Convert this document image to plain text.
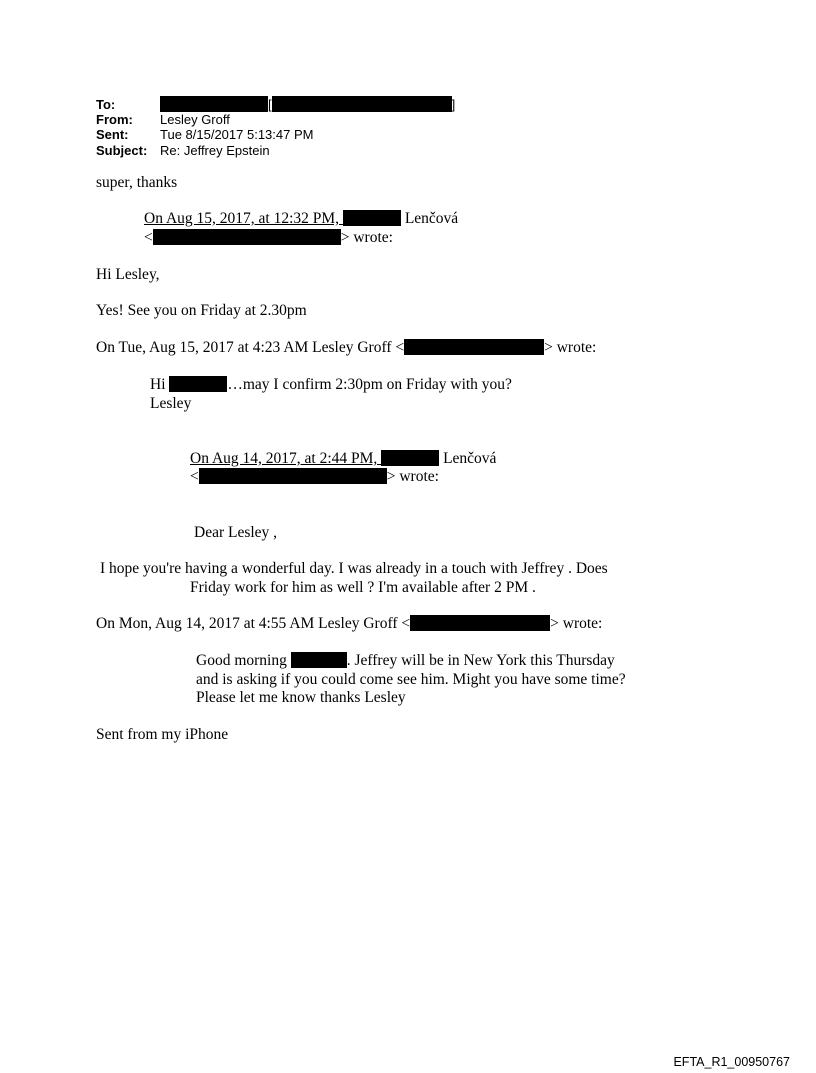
To:	[	]
From: Lesley Groff
Sent: Tue 8/15/2017 5:13:47 PM
Subject: Re: Jeffrey Epstein
super, thanks
On Aug 15, 2017, at 12:32 PM,	Lenčová
<	> wrote:
Hi Lesley,
Yes! See you on Friday at 2.30pm
On Tue, Aug 15, 2017 at 4:23 AM Lesley Groff <	> wrote:
Hi	…may I confirm 2:30pm on Friday with you?
Lesley
On Aug 14, 2017, at 2:44 PM,	Lenčová
<	> wrote:
Dear Lesley ,
I hope you're having a wonderful day. I was already in a touch with Jeffrey . Does
Friday work for him as well ? I'm available after 2 PM .
On Mon, Aug 14, 2017 at 4:55 AM Lesley Groff <	> wrote:
Good morning	. Jeffrey will be in New York this Thursday
and is asking if you could come see him. Might you have some time?
Please let me know thanks Lesley
Sent from my iPhone
EFTA_R1_00950767
